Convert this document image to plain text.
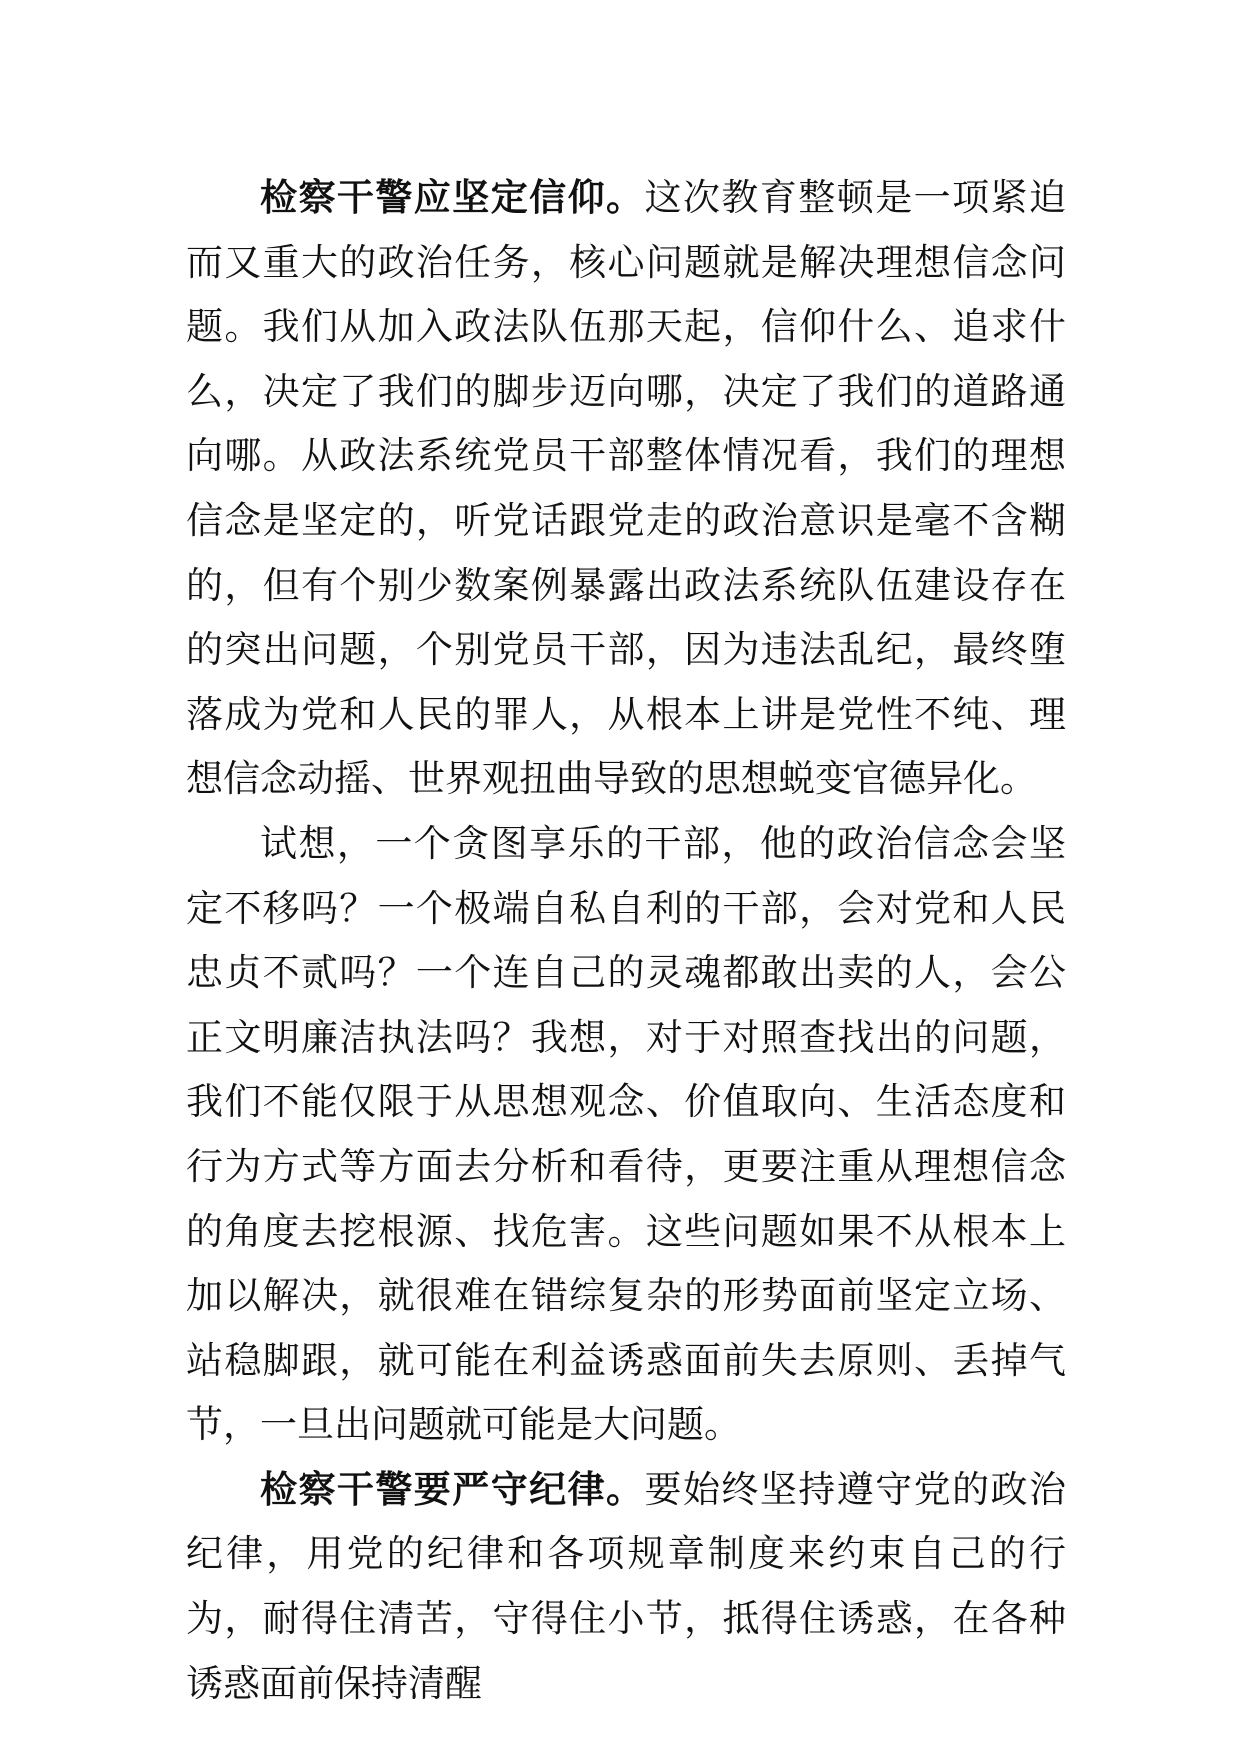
检察干警应坚定信仰。这次教育整顿是一项紧迫而又重大的政治任务，核心问题就是解决理想信念问题。我们从加入政法队伍那天起，信仰什么、追求什么，决定了我们的脚步迈向哪，决定了我们的道路通向哪。从政法系统党员干部整体情况看，我们的理想信念是坚定的，听党话跟党走的政治意识是毫不含糊的，但有个别少数案例暴露出政法系统队伍建设存在的突出问题，个别党员干部，因为违法乱纪，最终堕落成为党和人民的罪人，从根本上讲是党性不纯、理想信念动摇、世界观扭曲导致的思想蜕变官德异化。

试想，一个贪图享乐的干部，他的政治信念会坚定不移吗？一个极端自私自利的干部，会对党和人民忠贞不贰吗？一个连自己的灵魂都敢出卖的人，会公正文明廉洁执法吗？我想，对于对照查找出的问题，我们不能仅限于从思想观念、价值取向、生活态度和行为方式等方面去分析和看待，更要注重从理想信念的角度去挖根源、找危害。这些问题如果不从根本上加以解决，就很难在错综复杂的形势面前坚定立场、站稳脚跟，就可能在利益诱惑面前失去原则、丢掉气节，一旦出问题就可能是大问题。

检察干警要严守纪律。要始终坚持遵守党的政治纪律，用党的纪律和各项规章制度来约束自己的行为，耐得住清苦，守得住小节，抵得住诱惑，在各种诱惑面前保持清醒
